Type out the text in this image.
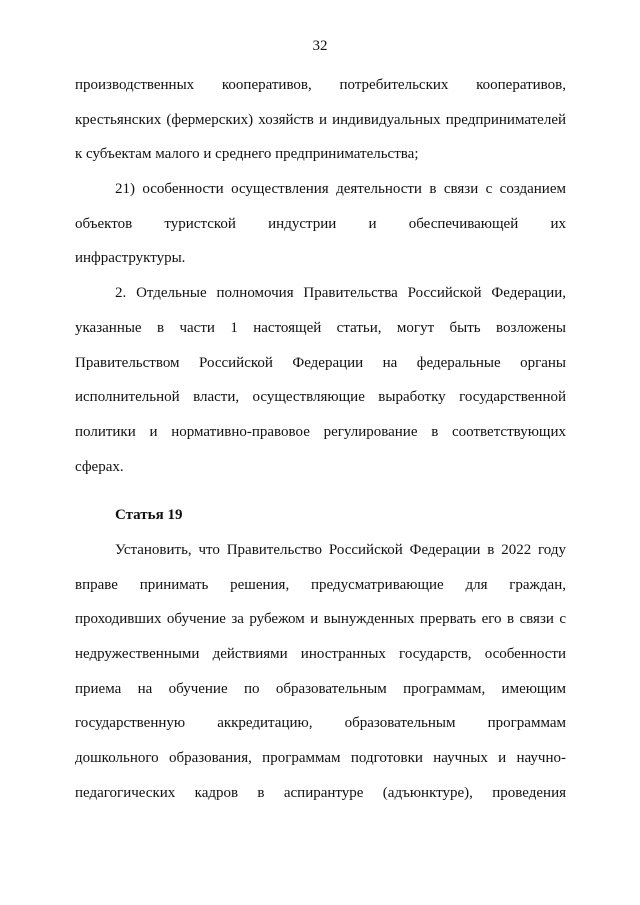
32
производственных кооперативов, потребительских кооперативов,
крестьянских (фермерских) хозяйств и индивидуальных предпринимателей
к субъектам малого и среднего предпринимательства;
21) особенности осуществления деятельности в связи с созданием
объектов туристской индустрии и обеспечивающей их
инфраструктуры.
2. Отдельные полномочия Правительства Российской Федерации,
указанные в части 1 настоящей статьи, могут быть возложены
Правительством Российской Федерации на федеральные органы
исполнительной власти, осуществляющие выработку государственной
политики и нормативно-правовое регулирование в соответствующих
сферах.
Статья 19
Установить, что Правительство Российской Федерации в 2022 году
вправе принимать решения, предусматривающие для граждан,
проходивших обучение за рубежом и вынужденных прервать его в связи с
недружественными действиями иностранных государств, особенности
приема на обучение по образовательным программам, имеющим
государственную аккредитацию, образовательным программам
дошкольного образования, программам подготовки научных и научно-
педагогических кадров в аспирантуре (адъюнктуре), проведения
